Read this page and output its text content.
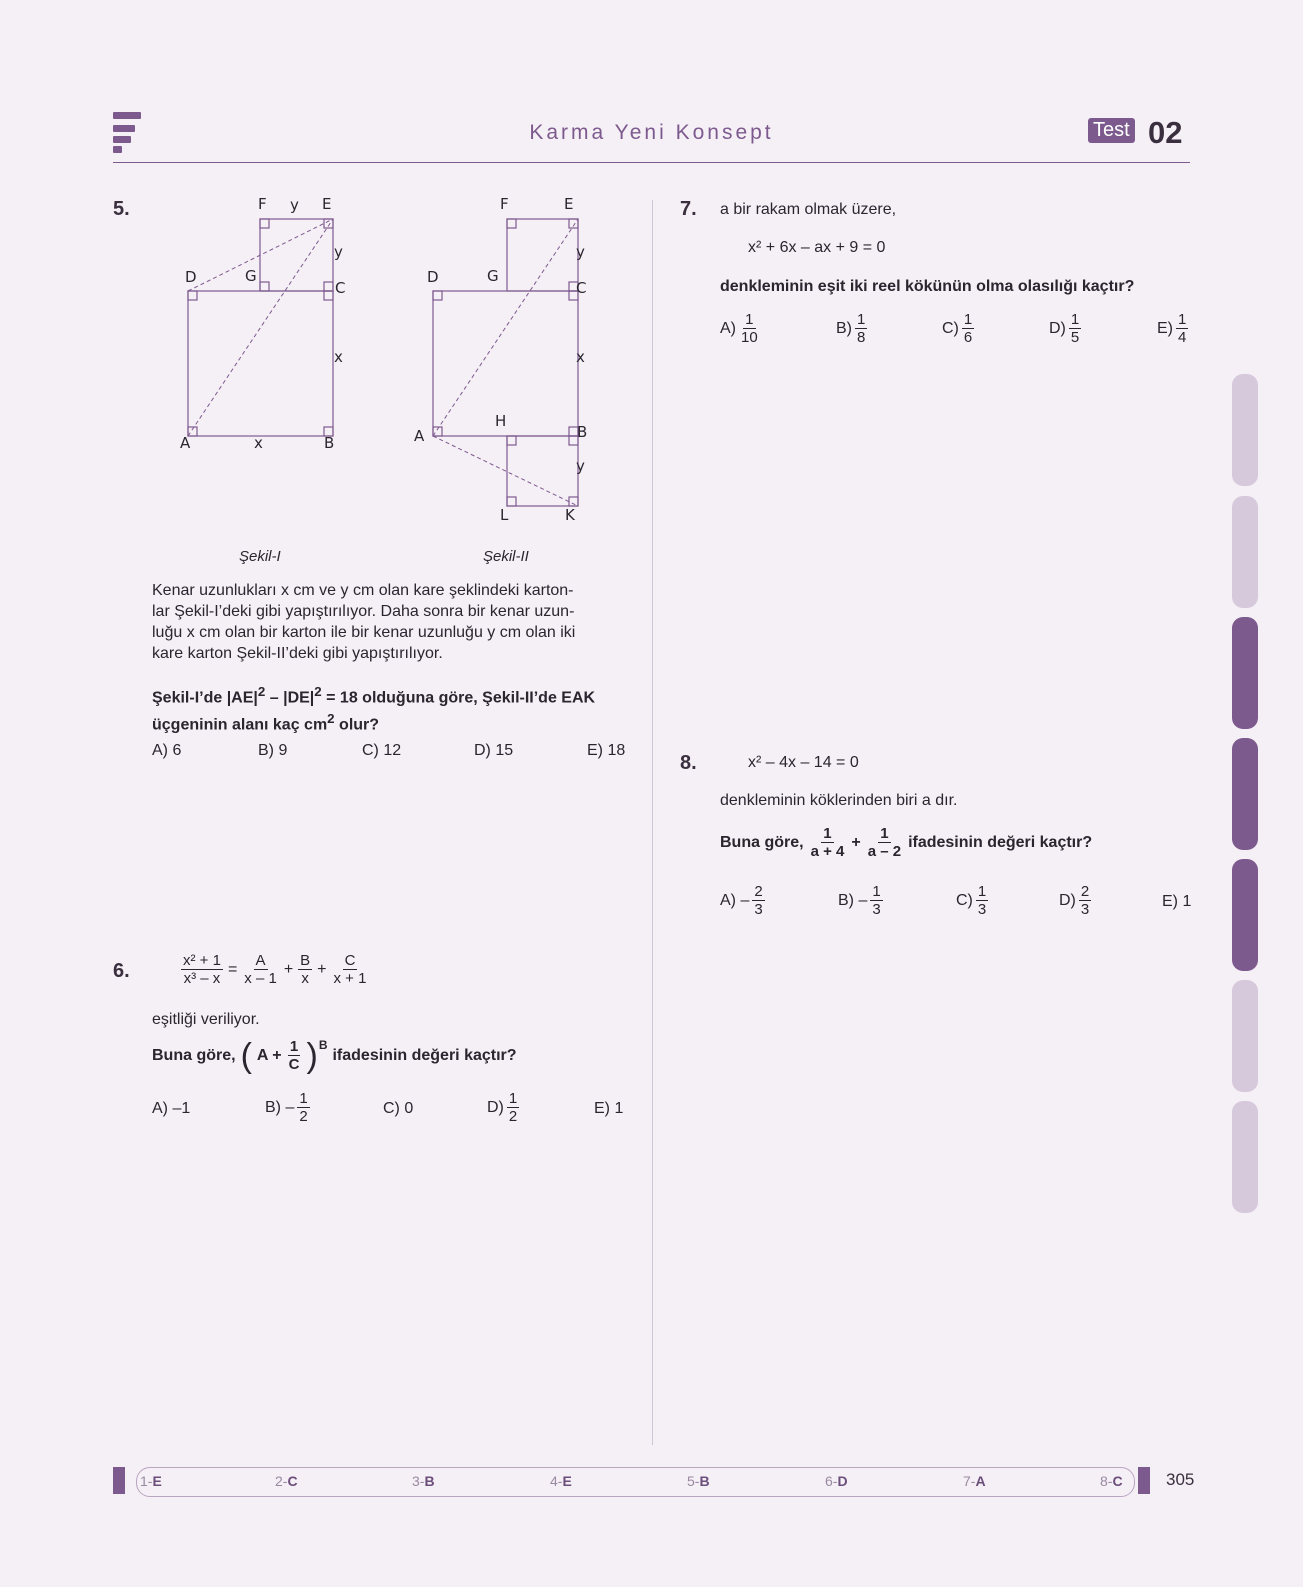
Karma Yeni Konsept	Test 02
5.	F y E
y
D	G
C
x
A	x	B
F	E
y
D	G
C
x
H
A	B
y
L	K
Şekil-I	Şekil-II
Kenar uzunlukları x cm ve y cm olan kare şeklindeki karton-
lar Şekil-I’deki gibi yapıştırılıyor. Daha sonra bir kenar uzun-
luğu x cm olan bir karton ile bir kenar uzunluğu y cm olan iki
kare karton Şekil-II’deki gibi yapıştırılıyor.
Şekil-I’de $|AE|^2 - |DE|^2 = 18$ olduğuna göre, Şekil-II’de EAK
üçgeninin alanı kaç $cm^2$ olur?
A) 6	B) 9	C) 12	D) 15	E) 18
6.	$\frac{\text{x² + 1}}{\text{x³ – x}} = \frac{A}{x - 1} + \frac{B}{x} + \frac{C}{x + 1}$
eşitliği veriliyor.
Buna göre, ( $A + \frac{1}{C} )^B$
ifadesinin değeri kaçtır?
A) –1	$B) - \frac{1}{2}$	C) 0	$D) \frac{1}{2}$	E) 1
7. a bir rakam olmak üzere,
x² + 6x – ax + 9 = 0
denkleminin eşit iki reel kökünün olma olasılığı kaçtır?
$A) \frac{1}{10}$	$B) \frac{1}{8}$	$C) \frac{1}{6}$	$D) \frac{1}{5}$	$E) \frac{1}{4}$
8.	x² – 4x – 14 = 0
denkleminin köklerinden biri a dır.
Buna göre, $\frac{1}{a + 4} + \frac{1}{a - 2}$ ifadesinin değeri kaçtır?
$A) - \frac{2}{3}$	$B) - \frac{1}{3}$	$C) \frac{1}{3}$	$D) \frac{2}{3}$	E) 1
1-E	2-C	3-B	4-E	5-B	6-D	7-A	8-C	305
